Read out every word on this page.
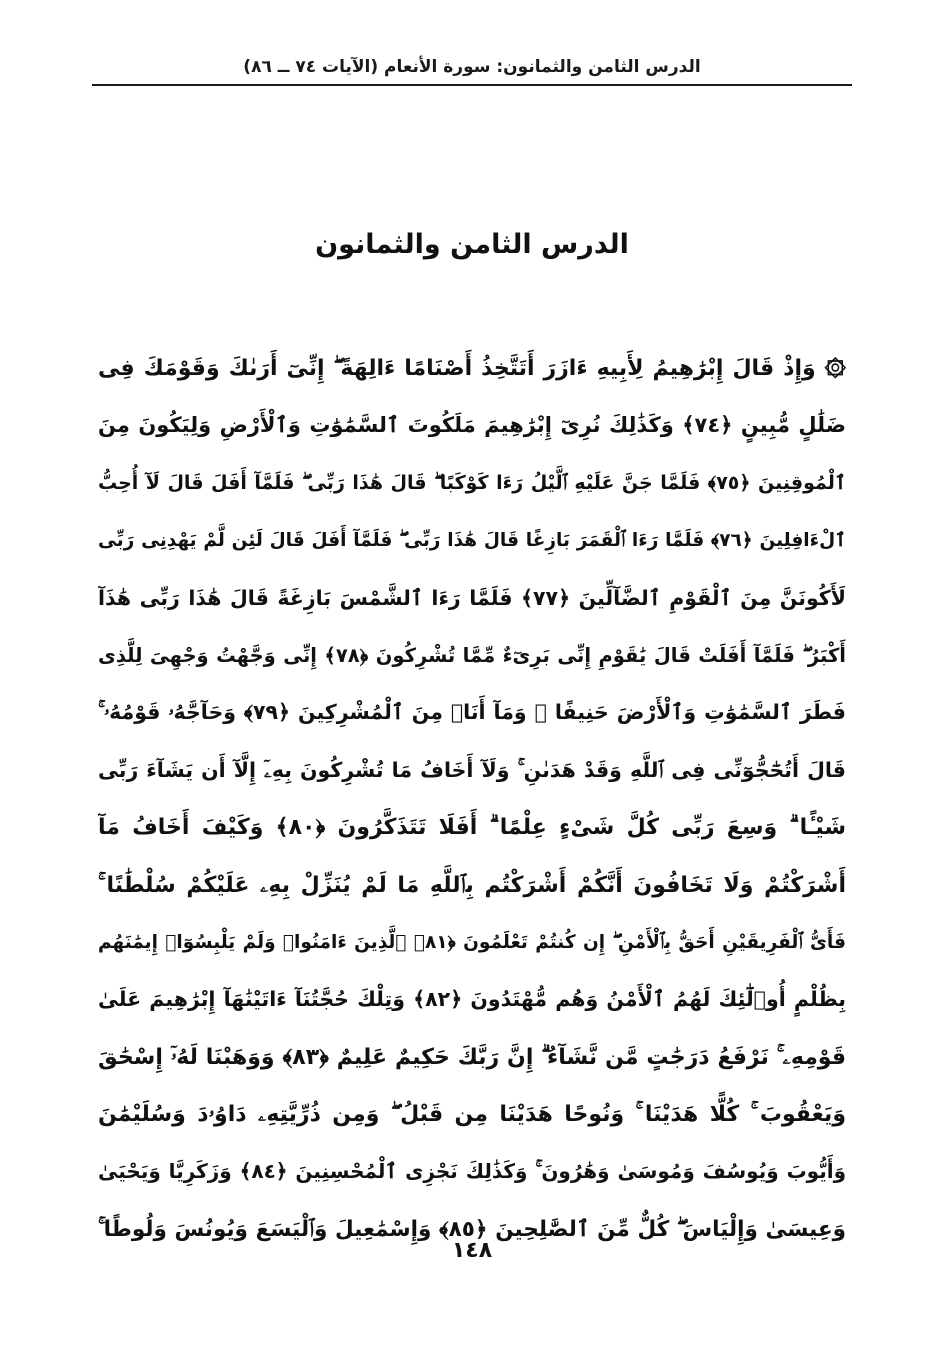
الدرس الثامن والثمانون: سورة الأنعام (الآيات ٧٤ ــ ٨٦)
الدرس الثامن والثمانون
۞ وَإِذْ قَالَ إِبْرَٰهِيمُ لِأَبِيهِ ءَازَرَ أَتَتَّخِذُ أَصْنَامًا ءَالِهَةً ۖ إِنِّىٓ أَرَىٰكَ وَقَوْمَكَ فِى
ضَلَٰلٍ مُّبِينٍ ﴿٧٤﴾ وَكَذَٰلِكَ نُرِىٓ إِبْرَٰهِيمَ مَلَكُوتَ ٱلسَّمَٰوَٰتِ وَٱلْأَرْضِ وَلِيَكُونَ مِنَ
ٱلْمُوقِنِينَ ﴿٧٥﴾ فَلَمَّا جَنَّ عَلَيْهِ ٱلَّيْلُ رَءَا كَوْكَبًا ۖ قَالَ هَٰذَا رَبِّى ۖ فَلَمَّآ أَفَلَ قَالَ لَآ أُحِبُّ
ٱلْءَافِلِينَ ﴿٧٦﴾ فَلَمَّا رَءَا ٱلْقَمَرَ بَازِغًا قَالَ هَٰذَا رَبِّى ۖ فَلَمَّآ أَفَلَ قَالَ لَئِن لَّمْ يَهْدِنِى رَبِّى
لَأَكُونَنَّ مِنَ ٱلْقَوْمِ ٱلضَّآلِّينَ ﴿٧٧﴾ فَلَمَّا رَءَا ٱلشَّمْسَ بَازِغَةً قَالَ هَٰذَا رَبِّى هَٰذَآ
أَكْبَرُ ۖ فَلَمَّآ أَفَلَتْ قَالَ يَٰقَوْمِ إِنِّى بَرِىٓءٌ مِّمَّا تُشْرِكُونَ ﴿٧٨﴾ إِنِّى وَجَّهْتُ وَجْهِىَ لِلَّذِى
فَطَرَ ٱلسَّمَٰوَٰتِ وَٱلْأَرْضَ حَنِيفًا ۖ وَمَآ أَنَا۠ مِنَ ٱلْمُشْرِكِينَ ﴿٧٩﴾ وَحَآجَّهُۥ قَوْمُهُۥ ۚ
قَالَ أَتُحَٰٓجُّوٓنِّى فِى ٱللَّهِ وَقَدْ هَدَىٰنِ ۚ وَلَآ أَخَافُ مَا تُشْرِكُونَ بِهِۦٓ إِلَّآ أَن يَشَآءَ رَبِّى
شَيْـًٔا ۗ وَسِعَ رَبِّى كُلَّ شَىْءٍ عِلْمًا ۗ أَفَلَا تَتَذَكَّرُونَ ﴿٨٠﴾ وَكَيْفَ أَخَافُ مَآ
أَشْرَكْتُمْ وَلَا تَخَافُونَ أَنَّكُمْ أَشْرَكْتُم بِٱللَّهِ مَا لَمْ يُنَزِّلْ بِهِۦ عَلَيْكُمْ سُلْطَٰنًا ۚ
فَأَىُّ ٱلْفَرِيقَيْنِ أَحَقُّ بِٱلْأَمْنِ ۖ إِن كُنتُمْ تَعْلَمُونَ ﴿٨١﴾ ٱلَّذِينَ ءَامَنُوا۟ وَلَمْ يَلْبِسُوٓا۟ إِيمَٰنَهُم
بِظُلْمٍ أُو۟لَٰٓئِكَ لَهُمُ ٱلْأَمْنُ وَهُم مُّهْتَدُونَ ﴿٨٢﴾ وَتِلْكَ حُجَّتُنَآ ءَاتَيْنَٰهَآ إِبْرَٰهِيمَ عَلَىٰ
قَوْمِهِۦ ۚ نَرْفَعُ دَرَجَٰتٍ مَّن نَّشَآءُ ۗ إِنَّ رَبَّكَ حَكِيمٌ عَلِيمٌ ﴿٨٣﴾ وَوَهَبْنَا لَهُۥٓ إِسْحَٰقَ
وَيَعْقُوبَ ۚ كُلًّا هَدَيْنَا ۚ وَنُوحًا هَدَيْنَا مِن قَبْلُ ۖ وَمِن ذُرِّيَّتِهِۦ دَاوُۥدَ وَسُلَيْمَٰنَ
وَأَيُّوبَ وَيُوسُفَ وَمُوسَىٰ وَهَٰرُونَ ۚ وَكَذَٰلِكَ نَجْزِى ٱلْمُحْسِنِينَ ﴿٨٤﴾ وَزَكَرِيَّا وَيَحْيَىٰ
وَعِيسَىٰ وَإِلْيَاسَ ۖ كُلٌّ مِّنَ ٱلصَّٰلِحِينَ ﴿٨٥﴾ وَإِسْمَٰعِيلَ وَٱلْيَسَعَ وَيُونُسَ وَلُوطًا ۚ
١٤٨
